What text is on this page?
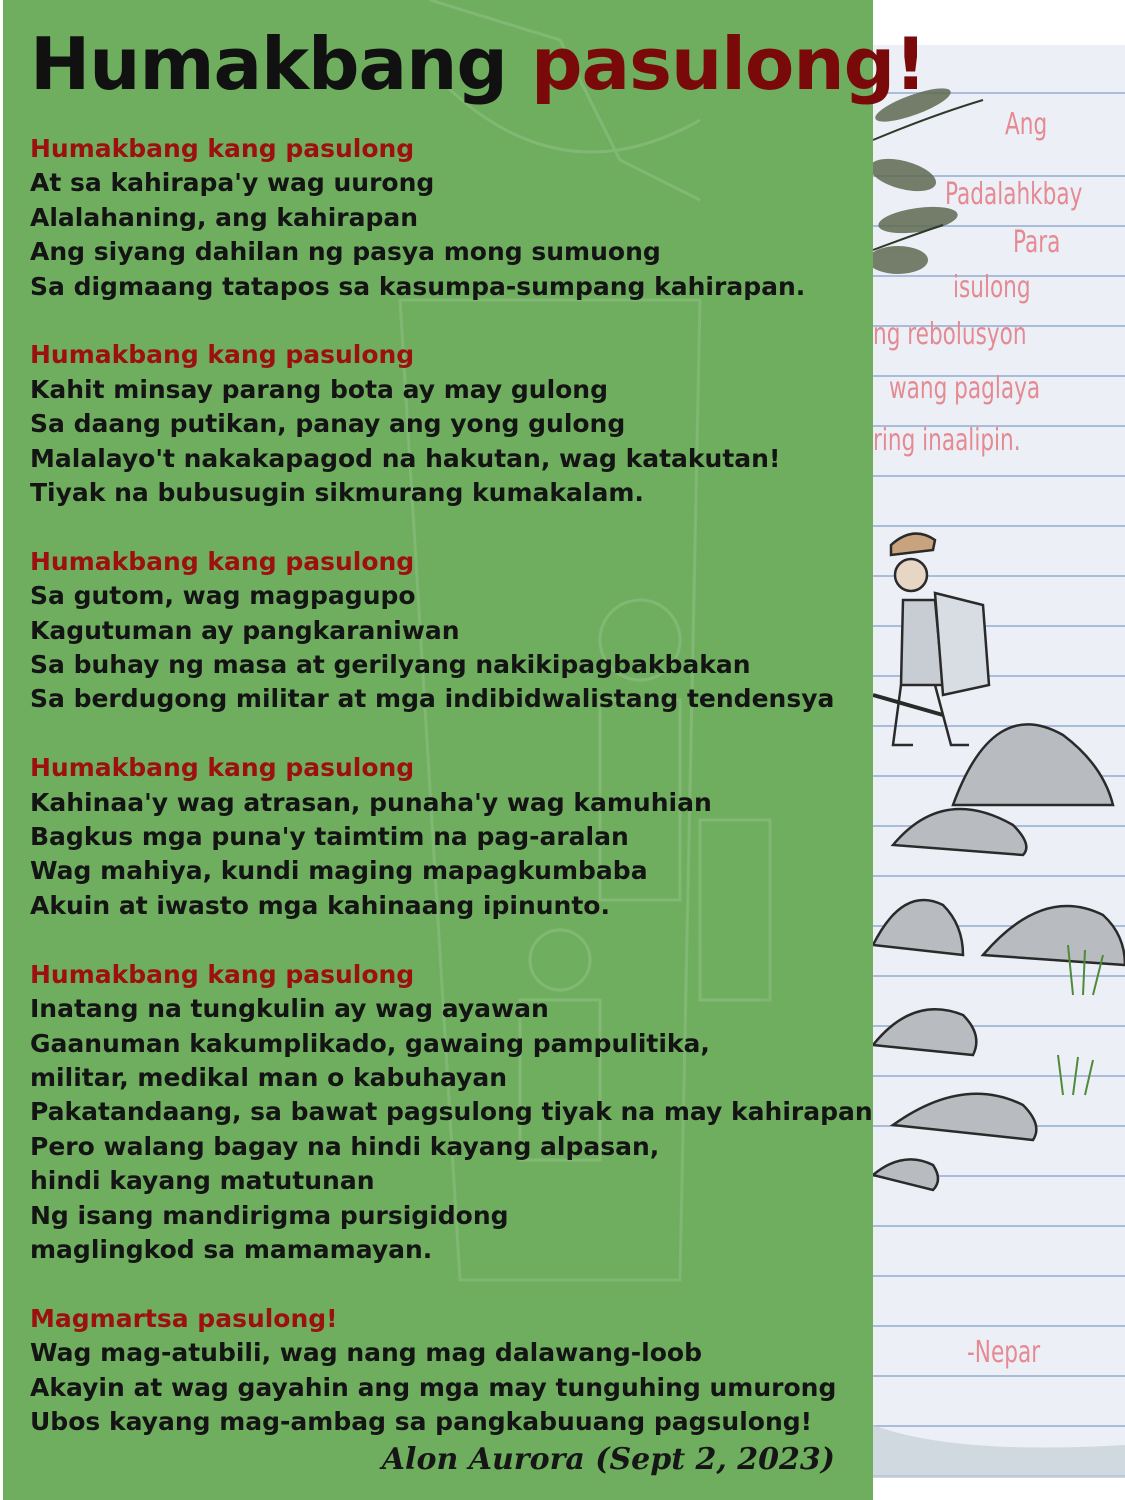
Ang
Padalahkbay
Para
isulong
ng rebolusyon
wang paglaya
ring inaalipin.
-Nepar
Humakbang pasulong!
Humakbang kang pasulong
At sa kahirapa'y wag uurong
Alalahaning, ang kahirapan
Ang siyang dahilan ng pasya mong sumuong
Sa digmaang tatapos sa kasumpa-sumpang kahirapan.
Humakbang kang pasulong
Kahit minsay parang bota ay may gulong
Sa daang putikan, panay ang yong gulong
Malalayo't nakakapagod na hakutan, wag katakutan!
Tiyak na bubusugin sikmurang kumakalam.
Humakbang kang pasulong
Sa gutom, wag magpagupo
Kagutuman ay pangkaraniwan
Sa buhay ng masa at gerilyang nakikipagbakbakan
Sa berdugong militar at mga indibidwalistang tendensya
Humakbang kang pasulong
Kahinaa'y wag atrasan, punaha'y wag kamuhian
Bagkus mga puna'y taimtim na pag-aralan
Wag mahiya, kundi maging mapagkumbaba
Akuin at iwasto mga kahinaang ipinunto.
Humakbang kang pasulong
Inatang na tungkulin ay wag ayawan
Gaanuman kakumplikado, gawaing pampulitika,
militar, medikal man o kabuhayan
Pakatandaang, sa bawat pagsulong tiyak na may kahirapan
Pero walang bagay na hindi kayang alpasan,
hindi kayang matutunan
Ng isang mandirigma pursigidong
maglingkod sa mamamayan.
Magmartsa pasulong!
Wag mag-atubili, wag nang mag dalawang-loob
Akayin at wag gayahin ang mga may tunguhing umurong
Ubos kayang mag-ambag sa pangkabuuang pagsulong!
Alon Aurora (Sept 2, 2023)
